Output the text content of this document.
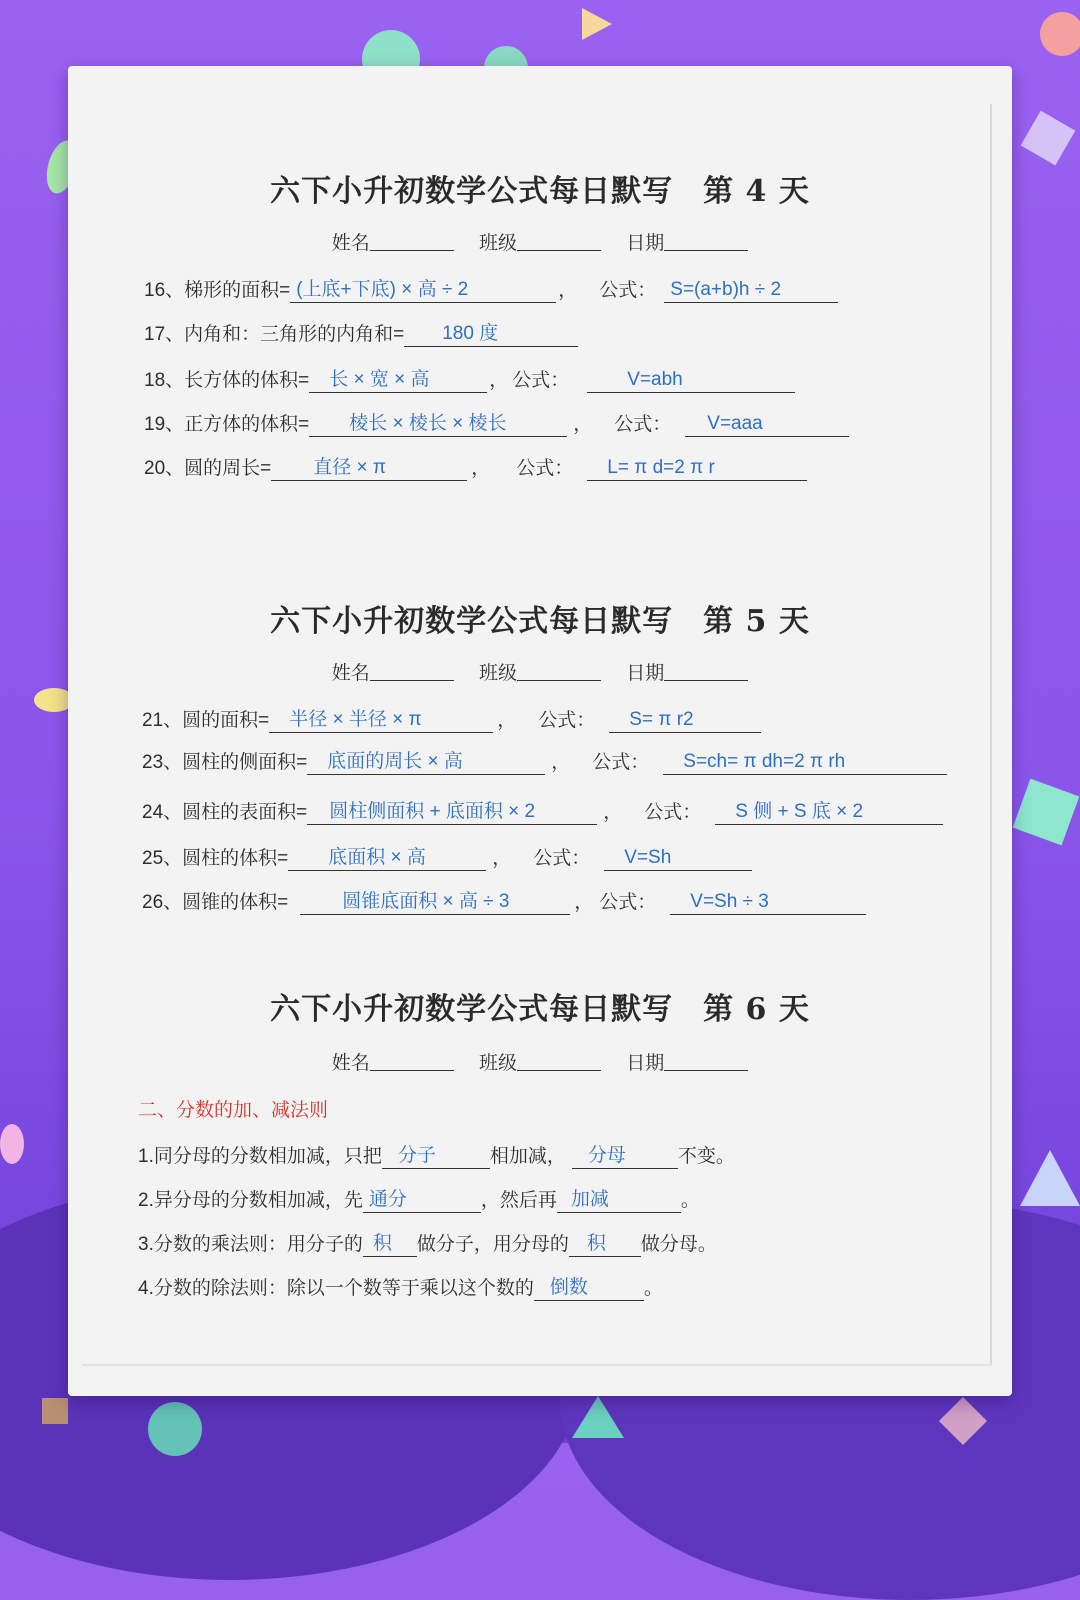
六下小升初数学公式每日默写 第 4 天
姓名	班级	日期
16、梯形的面积= (上底+下底) × 高 ÷ 2	， 公式： S=(a+b)h ÷ 2
17、内角和：三角形的内角和= 180 度
18、长方体的体积= 长 × 宽 × 高	， 公式：	V=abh
19、正方体的体积= 棱长 × 棱长 × 棱长	， 公式： V=aaa
20、圆的周长= 直径 × π	， 公式： L= π d=2 π r
六下小升初数学公式每日默写 第 5 天
姓名	班级	日期
21、圆的面积= 半径 × 半径 × π	， 公式： S= π r2
23、圆柱的侧面积= 底面的周长 × 高	， 公式： S=ch= π dh=2 π rh
24、圆柱的表面积= 圆柱侧面积 + 底面积 × 2	， 公式： S 侧 + S 底 × 2
25、圆柱的体积= 底面积 × 高	， 公式： V=Sh
26、圆锥的体积=	圆锥底面积 × 高 ÷ 3	， 公式： V=Sh ÷ 3
六下小升初数学公式每日默写 第 6 天
姓名	班级	日期
二、分数的加、减法则
1.同分母的分数相加减，只把 分子	相加减， 分母	不变。
2.异分母的分数相加减，先 通分	，然后再 加减	。
3.分数的乘法则：用分子的 积 做分子，用分母的 积 做分母。
4.分数的除法则：除以一个数等于乘以这个数的 倒数	。
